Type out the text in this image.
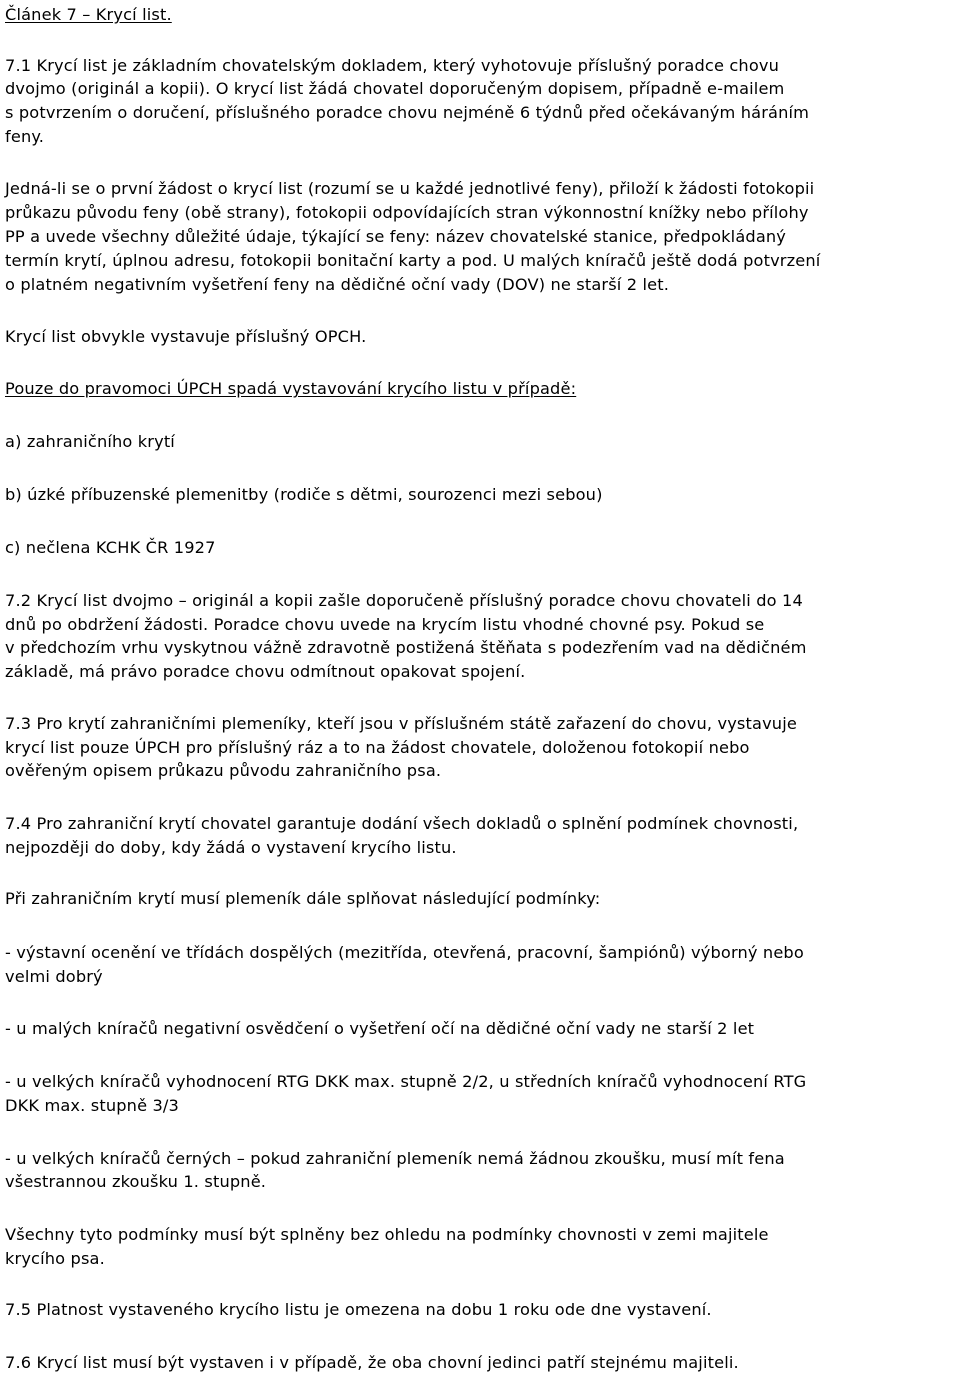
Článek 7 – Krycí list.

7.1 Krycí list je základním chovatelským dokladem, který vyhotovuje příslušný poradce chovu

dvojmo (originál a kopii). O krycí list žádá chovatel doporučeným dopisem, případně e-mailem

s potvrzením o doručení, příslušného poradce chovu nejméně 6 týdnů před očekávaným háráním

feny.

Jedná-li se o první žádost o krycí list (rozumí se u každé jednotlivé feny), přiloží k žádosti fotokopii

průkazu původu feny (obě strany), fotokopii odpovídajících stran výkonnostní knížky nebo přílohy

PP a uvede všechny důležité údaje, týkající se feny: název chovatelské stanice, předpokládaný

termín krytí, úplnou adresu, fotokopii bonitační karty a pod. U malých kníračů ještě dodá potvrzení

o platném negativním vyšetření feny na dědičné oční vady (DOV) ne starší 2 let.

Krycí list obvykle vystavuje příslušný OPCH.

Pouze do pravomoci ÚPCH spadá vystavování krycího listu v případě:

a) zahraničního krytí

b) úzké příbuzenské plemenitby (rodiče s dětmi, sourozenci mezi sebou)

c) nečlena KCHK ČR 1927

7.2 Krycí list dvojmo – originál a kopii zašle doporučeně příslušný poradce chovu chovateli do 14

dnů po obdržení žádosti. Poradce chovu uvede na krycím listu vhodné chovné psy. Pokud se

v předchozím vrhu vyskytnou vážně zdravotně postižená štěňata s podezřením vad na dědičném

základě, má právo poradce chovu odmítnout opakovat spojení.

7.3 Pro krytí zahraničními plemeníky, kteří jsou v příslušném státě zařazení do chovu, vystavuje

krycí list pouze ÚPCH pro příslušný ráz a to na žádost chovatele, doloženou fotokopií nebo

ověřeným opisem průkazu původu zahraničního psa.

7.4 Pro zahraniční krytí chovatel garantuje dodání všech dokladů o splnění podmínek chovnosti,

nejpozději do doby, kdy žádá o vystavení krycího listu.

Při zahraničním krytí musí plemeník dále splňovat následující podmínky:

- výstavní ocenění ve třídách dospělých (mezitřída, otevřená, pracovní, šampiónů) výborný nebo

velmi dobrý

- u malých kníračů negativní osvědčení o vyšetření očí na dědičné oční vady ne starší 2 let

- u velkých kníračů vyhodnocení RTG DKK max. stupně 2/2, u středních kníračů vyhodnocení RTG

DKK max. stupně 3/3

- u velkých kníračů černých – pokud zahraniční plemeník nemá žádnou zkoušku, musí mít fena

všestrannou zkoušku 1. stupně.

Všechny tyto podmínky musí být splněny bez ohledu na podmínky chovnosti v zemi majitele

krycího psa.

7.5 Platnost vystaveného krycího listu je omezena na dobu 1 roku ode dne vystavení.

7.6 Krycí list musí být vystaven i v případě, že oba chovní jedinci patří stejnému majiteli.
